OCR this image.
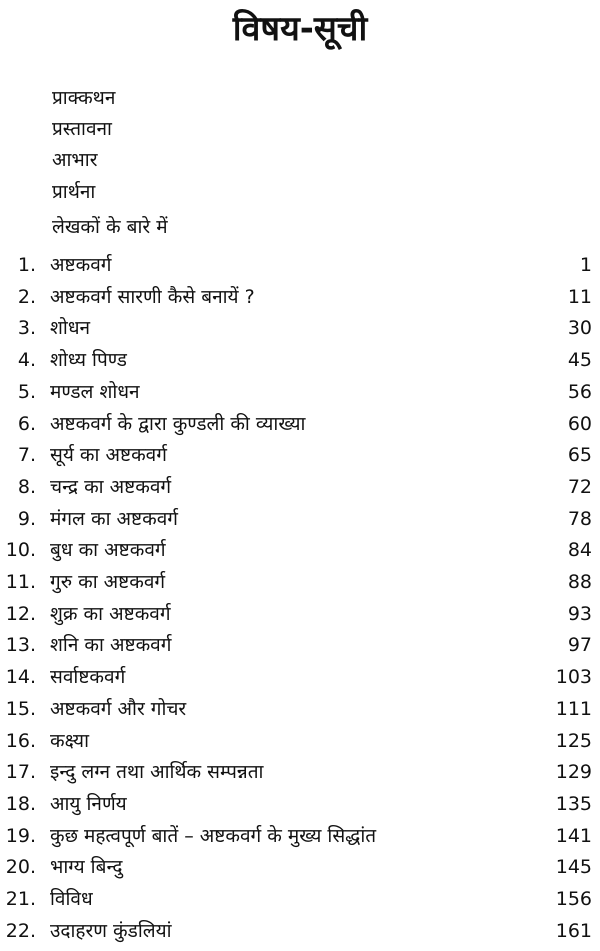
विषय-सूची
प्राक्कथन
प्रस्तावना
आभार
प्रार्थना
लेखकों के बारे में
1. अष्टकवर्ग	1
2. अष्टकवर्ग सारणी कैसे बनायें ?	11
3. शोधन	30
4. शोध्य पिण्ड	45
5. मण्डल शोधन	56
6. अष्टकवर्ग के द्वारा कुण्डली की व्याख्या	60
7. सूर्य का अष्टकवर्ग	65
8. चन्द्र का अष्टकवर्ग	72
9. मंगल का अष्टकवर्ग	78
10. बुध का अष्टकवर्ग	84
11. गुरु का अष्टकवर्ग	88
12. शुक्र का अष्टकवर्ग	93
13. शनि का अष्टकवर्ग	97
14. सर्वाष्टकवर्ग	103
15. अष्टकवर्ग और गोचर	111
16. कक्ष्या	125
17. इन्दु लग्न तथा आर्थिक सम्पन्नता	129
18. आयु निर्णय	135
19. कुछ महत्वपूर्ण बातें – अष्टकवर्ग के मुख्य सिद्धांत	141
20. भाग्य बिन्दु	145
21. विविध	156
22. उदाहरण कुंडलियां	161
